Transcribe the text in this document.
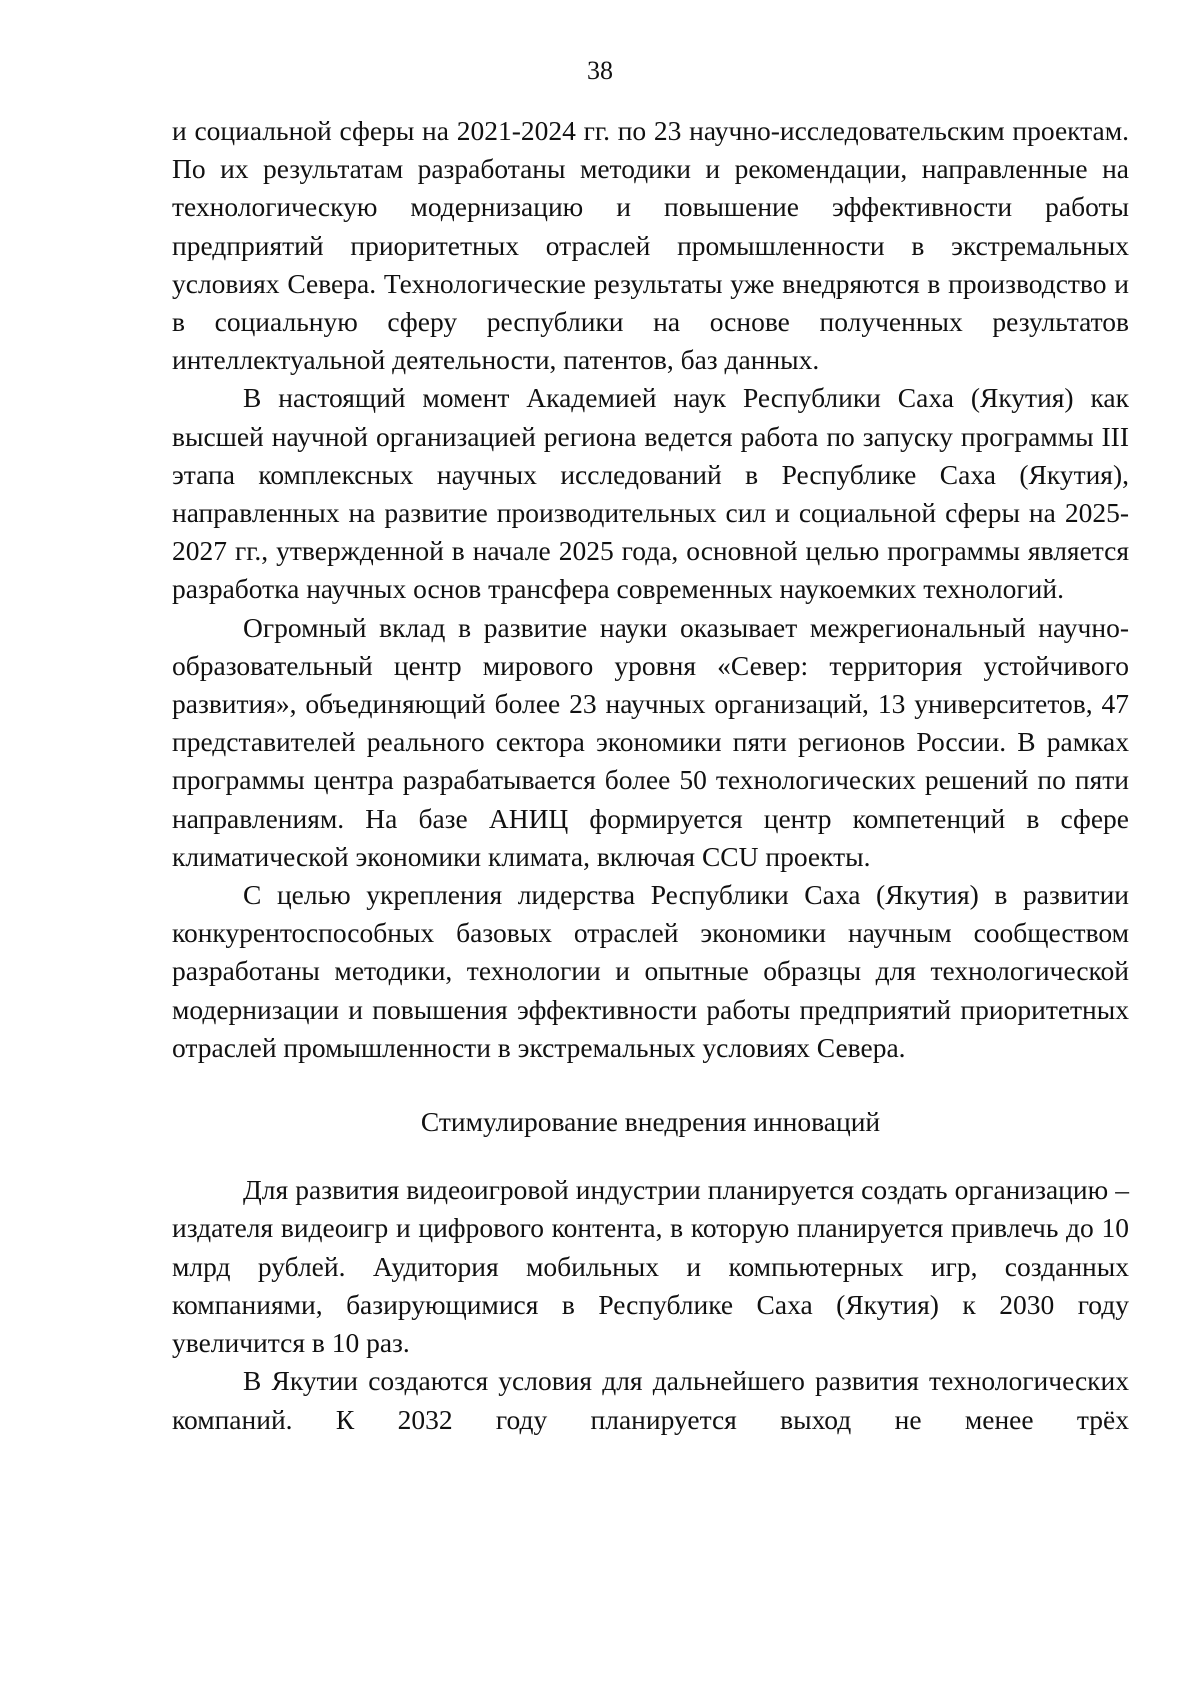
38

и социальной сферы на 2021-2024 гг. по 23 научно-исследовательским проектам. По их результатам разработаны методики и рекомендации, направленные на технологическую модернизацию и повышение эффективности работы предприятий приоритетных отраслей промышленности в экстремальных условиях Севера. Технологические результаты уже внедряются в производство и в социальную сферу республики на основе полученных результатов интеллектуальной деятельности, патентов, баз данных.

В настоящий момент Академией наук Республики Саха (Якутия) как высшей научной организацией региона ведется работа по запуску программы III этапа комплексных научных исследований в Республике Саха (Якутия), направленных на развитие производительных сил и социальной сферы на 2025-2027 гг., утвержденной в начале 2025 года, основной целью программы является разработка научных основ трансфера современных наукоемких технологий.

Огромный вклад в развитие науки оказывает межрегиональный научно-образовательный центр мирового уровня «Север: территория устойчивого развития», объединяющий более 23 научных организаций, 13 университетов, 47 представителей реального сектора экономики пяти регионов России. В рамках программы центра разрабатывается более 50 технологических решений по пяти направлениям. На базе АНИЦ формируется центр компетенций в сфере климатической экономики климата, включая CCU проекты.

С целью укрепления лидерства Республики Саха (Якутия) в развитии конкурентоспособных базовых отраслей экономики научным сообществом разработаны методики, технологии и опытные образцы для технологической модернизации и повышения эффективности работы предприятий приоритетных отраслей промышленности в экстремальных условиях Севера.

Стимулирование внедрения инноваций

Для развития видеоигровой индустрии планируется создать организацию – издателя видеоигр и цифрового контента, в которую планируется привлечь до 10 млрд рублей. Аудитория мобильных и компьютерных игр, созданных компаниями, базирующимися в Республике Саха (Якутия) к 2030 году увеличится в 10 раз.

В Якутии создаются условия для дальнейшего развития технологических компаний. К 2032 году планируется выход не менее трёх
